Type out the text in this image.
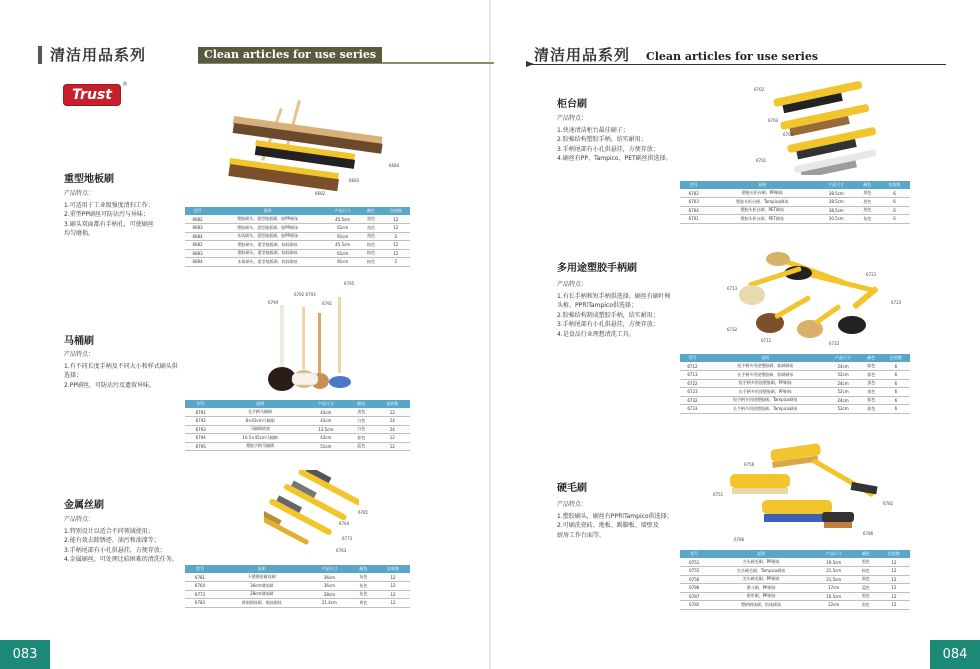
清洁用品系列	Clean articles for use series	清洁用品系列 Clean articles for use series
Trust
®
6684
6683
6682
重型地板刷
产品特点：
1.可适用于工业级强度清扫工作；
2.重型PP刷丝可防沾污与异味；
3.刷头双面都有手柄孔，可使刷丝
均匀磨损。
型号	说明	产品尺寸	颜色	包装数
6682	塑胶刷头、重型地板刷、棕PP刷丝	45.5cm	黑色	12
6683	塑胶刷头、重型地板刷、棕PP刷丝	61cm	黑色	12
6684	木质刷头、重型地板刷、棕PP刷丝	91cm	黑色	2
6682	塑胶刷头、重型地板刷、棕棕刷丝	45.5cm	棕色	12
6683	塑胶刷头、重型地板刷、棕棕刷丝	61cm	棕色	12
6684	木质刷头、重型地板刷、棕棕刷丝	91cm	棕色	2
6794
6792 6793
6795
6791
马桶刷
产品特点：
1.有不同长度手柄及不同大小和样式刷头供
选择；
2.PP刷丝，可防沾污及遗留异味。
型号	说明	产品尺寸	颜色	包装数
6791	长手柄马桶刷	43cm	黑色	12
6792	8×43cm马桶刷	43cm	白色	24
6793	马桶刷底座	13.5cm	白色	24
6794	10.5×45cm马桶刷	43cm	棕色	12
6795	塑胶手柄马桶刷	51cm	蓝色	12
6781
6764
6773
6783
金属丝刷
产品特点：
1.特别设计以适合不同领域使用；
2.能有效去除锈迹、油污和油漆等；
3.手柄尾部有小孔供悬挂，方便存放；
4.金属刷丝，可处理比较困难的清洗任务。
型号	说明	产品尺寸	颜色	包装数
6781	不锈钢金属丝刷	36cm	灰色	12
6764	36cm钢丝刷	36cm	灰色	12
6773	28cm钢丝刷	28cm	灰色	12
6783	黄铜钢丝刷、铜丝刷丝	21.4cm	黄色	12
6702
6703
6704
6701
柜台刷
产品特点：
1.快速清洁柜台最佳刷子；
2.胶棉结构塑胶手柄，结实耐用；
3.手柄尾部有小孔供悬挂，方便存放；
4.刷丝有PP、Tampico、PET刷丝供选择。
型号	说明	产品尺寸	颜色	包装数
6702	塑胶头柜台刷、PP刷丝	38.5cm	黑色	6
6703	塑胶头柜台刷、Tampico刷丝	38.5cm	黑色	6
6704	塑胶头柜台刷、PET刷丝	38.5cm	黑色	6
6701	塑胶头柜台刷、PET刷丝	30.5cm	灰色	6
6723
6713
6723
6732
6712
6722
多用途塑胶手柄刷
产品特点：
1.有长手柄和短手柄供选择，刷丝有刷叶树
头植、PP和Tampico供选择；
2.胶棉结构制成塑胶手柄，结实耐用；
3.手柄尾部有小孔供悬挂，方便存放；
4.是食品行业理想清洗工具。
型号	说明	产品尺寸	颜色	包装数
6712	短手柄多用途塑胶刷、棕刷刷丝	24cm	棕色	6
6713	长手柄多用途塑胶刷、棕刷刷丝	52cm	棕色	6
6722	短手柄多用途塑胶刷、PP刷丝	24cm	黑色	6
6723	长手柄多用途塑胶刷、PP刷丝	52cm	黑色	6
6732	短手柄多用途塑胶刷、Tampico刷丝	24cm	棕色	6
6733	长手柄多用途塑胶刷、Tampico刷丝	52cm	棕色	6
6756
6751
6782
6786
6786
硬毛刷
产品特点：
1.塑胶刷头，刷丝有PP和Tampico供选择；
2.可刷洗瓷砖、地板、踢脚板、墙壁及
厨房工作台面等。
型号	说明	产品尺寸	颜色	包装数
6751	方头硬毛刷、PP刷丝	19.5cm	黑色	12
6755	尖头硬毛刷、Tampico刷丝	21.5cm	棕色	12
6756	尖头硬毛刷、PP刷丝	21.5cm	黑色	12
6786	墨斗刷、PP刷丝	17cm	蓝色	12
6787	指甲刷、PP刷丝	10.5cm	黑色	12
6782	塑柄钢丝刷、铝丝刷丝	22cm	黑色	12
083	084
